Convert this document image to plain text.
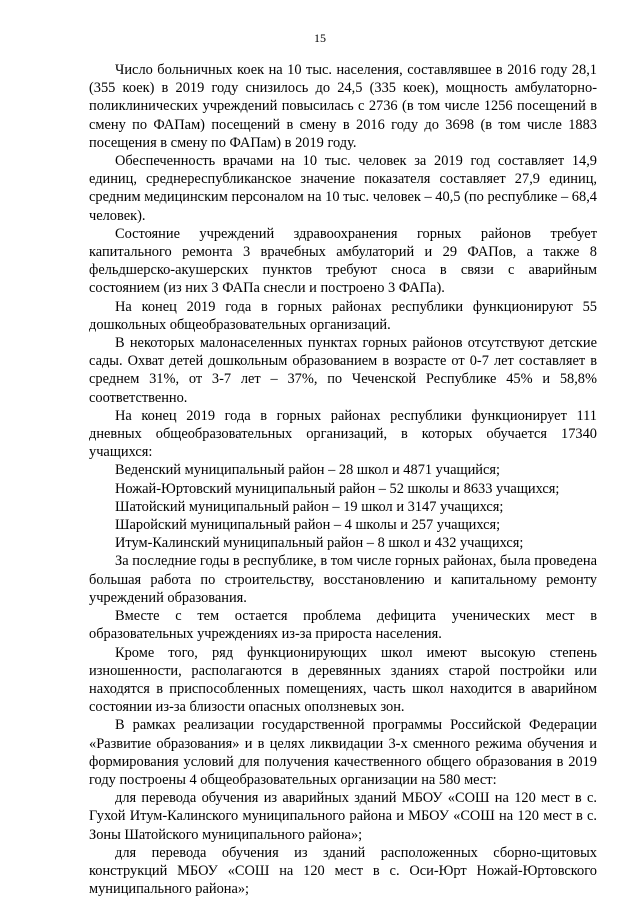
15

Число больничных коек на 10 тыс. населения, составлявшее в 2016 году 28,1 (355 коек) в 2019 году снизилось до 24,5 (335 коек), мощность амбулаторно-поликлинических учреждений повысилась с 2736 (в том числе 1256 посещений в смену по ФАПам) посещений в смену в 2016 году до 3698 (в том числе 1883 посещения в смену по ФАПам) в 2019 году.

Обеспеченность врачами на 10 тыс. человек за 2019 год составляет 14,9 единиц, среднереспубликанское значение показателя составляет 27,9 единиц, средним медицинским персоналом на 10 тыс. человек – 40,5 (по республике – 68,4 человек).

Состояние учреждений здравоохранения горных районов требует капитального ремонта 3 врачебных амбулаторий и 29 ФАПов, а также 8 фельдшерско-акушерских пунктов требуют сноса в связи с аварийным состоянием (из них 3 ФАПа снесли и построено 3 ФАПа).

На конец 2019 года в горных районах республики функционируют 55 дошкольных общеобразовательных организаций.

В некоторых малонаселенных пунктах горных районов отсутствуют детские сады. Охват детей дошкольным образованием в возрасте от 0-7 лет составляет в среднем 31%, от 3-7 лет – 37%, по Чеченской Республике 45% и 58,8% соответственно.

На конец 2019 года в горных районах республики функционирует 111 дневных общеобразовательных организаций, в которых обучается 17340 учащихся:

Веденский муниципальный район – 28 школ и 4871 учащийся;

Ножай-Юртовский муниципальный район – 52 школы и 8633 учащихся;

Шатойский муниципальный район – 19 школ и 3147 учащихся;

Шаройский муниципальный район – 4 школы и 257 учащихся;

Итум-Калинский муниципальный район – 8 школ и 432 учащихся;

За последние годы в республике, в том числе горных районах, была проведена большая работа по строительству, восстановлению и капитальному ремонту учреждений образования.

Вместе с тем остается проблема дефицита ученических мест в образовательных учреждениях из-за прироста населения.

Кроме того, ряд функционирующих школ имеют высокую степень изношенности, располагаются в деревянных зданиях старой постройки или находятся в приспособленных помещениях, часть школ находится в аварийном состоянии из-за близости опасных оползневых зон.

В рамках реализации государственной программы Российской Федерации «Развитие образования» и в целях ликвидации 3-х сменного режима обучения и формирования условий для получения качественного общего образования в 2019 году построены 4 общеобразовательных организации на 580 мест:

для перевода обучения из аварийных зданий МБОУ «СОШ на 120 мест в с. Гухой Итум-Калинского муниципального района и МБОУ «СОШ на 120 мест в с. Зоны Шатойского муниципального района»;

для перевода обучения из зданий расположенных сборно-щитовых конструкций МБОУ «СОШ на 120 мест в с. Оси-Юрт Ножай-Юртовского муниципального района»;
